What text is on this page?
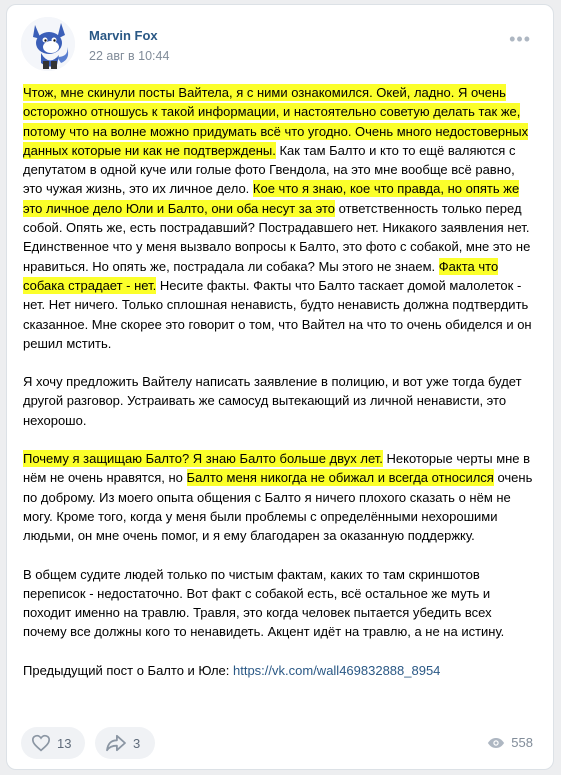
Marvin Fox
22 авг в 10:44
•••

Чтож, мне скинули посты Вайтела, я с ними ознакомился. Окей, ладно. Я очень осторожно отношусь к такой информации, и настоятельно советую делать так же, потому что на волне можно придумать всё что угодно. Очень много недостоверных данных которые ни как не подтверждены. Как там Балто и кто то ещё валяются с депутатом в одной куче или голые фото Гвендола, на это мне вообще всё равно, это чужая жизнь, это их личное дело. Кое что я знаю, кое что правда, но опять же это личное дело Юли и Балто, они оба несут за это ответственность только перед собой. Опять же, есть пострадавший? Пострадавшего нет. Никакого заявления нет. Единственное что у меня вызвало вопросы к Балто, это фото с собакой, мне это не нравиться. Но опять же, пострадала ли собака? Мы этого не знаем. Факта что собака страдает - нет. Несите факты. Факты что Балто таскает домой малолеток - нет. Нет ничего. Только сплошная ненависть, будто ненависть должна подтвердить сказанное. Мне скорее это говорит о том, что Вайтел на что то очень обиделся и он решил мстить.

Я хочу предложить Вайтелу написать заявление в полицию, и вот уже тогда будет другой разговор. Устраивать же самосуд вытекающий из личной ненависти, это нехорошо.

Почему я защищаю Балто? Я знаю Балто больше двух лет. Некоторые черты мне в нём не очень нравятся, но Балто меня никогда не обижал и всегда относился очень по доброму. Из моего опыта общения с Балто я ничего плохого сказать о нём не могу. Кроме того, когда у меня были проблемы с определёнными нехорошими людьми, он мне очень помог, и я ему благодарен за оказанную поддержку.

В общем судите людей только по чистым фактам, каких то там скриншотов переписок - недостаточно. Вот факт с собакой есть, всё остальное же муть и походит именно на травлю. Травля, это когда человек пытается убедить всех почему все должны кого то ненавидеть. Акцент идёт на травлю, а не на истину.

Предыдущий пост о Балто и Юле: https://vk.com/wall469832888_8954

13	3	558
